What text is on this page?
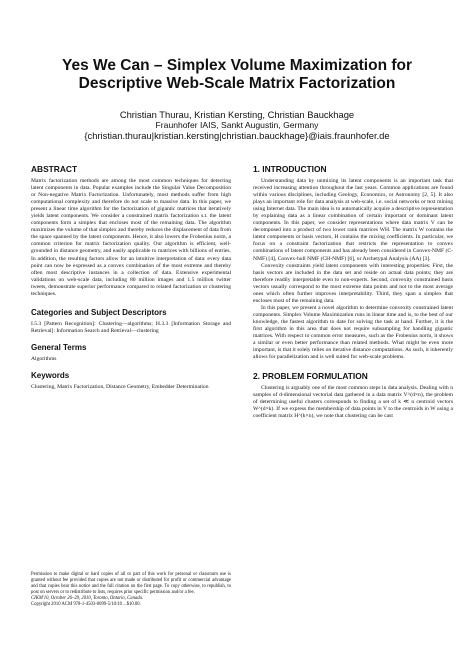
Yes We Can – Simplex Volume Maximization for
Descriptive Web-Scale Matrix Factorization
Christian Thurau, Kristian Kersting, Christian Bauckhage
Fraunhofer IAIS, Sankt Augustin, Germany
{christian.thurau|kristian.kersting|christian.bauckhage}@iais.fraunhofer.de
ABSTRACT

Matrix factorization methods are among the most common techniques for detecting latent components in data. Popular examples include the Singular Value Decomposition or Non-negative Matrix Factorization. Unfortunately, most methods suffer from high computational complexity and therefore do not scale to massive data. In this paper, we present a linear time algorithm for the factorization of gigantic matrices that iteratively yields latent components. We consider a constrained matrix factorization s.t. the latent components form a simplex that encloses most of the remaining data. The algorithm maximizes the volume of that simplex and thereby reduces the displacement of data from the space spanned by the latent components. Hence, it also lowers the Frobenius norm, a common criterion for matrix factorization quality. Our algorithm is efficient, well-grounded in distance geometry, and easily applicable to matrices with billions of entries. In addition, the resulting factors allow for an intuitive interpretation of data: every data point can now be expressed as a convex combination of the most extreme and thereby often most descriptive instances in a collection of data. Extensive experimental validations on web-scale data, including 80 million images and 1.5 million twitter tweets, demonstrate superior performance compared to related factorization or clustering techniques.

Categories and Subject Descriptors

I.5.3 [Pattern Recognition]: Clustering—algorithms; H.3.3 [Information Storage and Retrieval]: Information Search and Retrieval—clustering

General Terms

Algorithms

Keywords

Clustering, Matrix Factorization, Distance Geometry, Embedder Determination

Permission to make digital or hard copies of all or part of this work for personal or classroom use is granted without fee provided that copies are not made or distributed for profit or commercial advantage and that copies bear this notice and the full citation on the first page. To copy otherwise, to republish, to post on servers or to redistribute to lists, requires prior specific permission and/or a fee.

CIKM'10, October 26–29, 2010, Toronto, Ontario, Canada.

Copyright 2010 ACM 978-1-4503-0099-5/10/10 ...$10.00.

1. INTRODUCTION

Understanding data by unmixing its latent components is an important task that received increasing attention throughout the last years. Common applications are found within various disciplines, including Geology, Economics, or Astronomy [2, 5]. It also plays an important role for data analysis at web-scale, i.e. social networks or text mining using Internet data. The main idea is to automatically acquire a descriptive representation by explaining data as a linear combination of certain important or dominant latent components. In this paper, we consider representations where data matrix V can be decomposed into a product of two lower rank matrices WH. The matrix W contains the latent components or basis vectors, H contains the mixing coefficients. In particular, we focus on a constraint factorization that restricts the representation to convex combinations of latent components and has already been considered in Convex-NMF (C-NMF) [4], Convex-hull NMF (CH-NMF) [6], or Archetypal Analysis (AA) [3].

Convexity constraints yield latent components with interesting properties: First, the basis vectors are included in the data set and reside on actual data points; they are therefore readily interpretable even to non-experts. Second, convexity constrained basis vectors usually correspond to the most extreme data points and not to the most average ones which often further improves interpretability. Third, they span a simplex that encloses most of the remaining data.

In this paper, we present a novel algorithm to determine convexity constrained latent components. Simplex Volume Maximization runs in linear time and is, to the best of our knowledge, the fastest algorithm to date for solving the task at hand. Further, it is the first algorithm in this area that does not require subsampling for handling gigantic matrices. With respect to common error measures, such as the Frobenius norm, it shows a similar or even better performance than related methods. What might be even more important, is that it solely relies on iterative distance computations. As such, it inherently allows for parallelization and is well suited for web-scale problems.

2. PROBLEM FORMULATION

Clustering is arguably one of the most common steps in data analysis. Dealing with n samples of d-dimensional vectorial data gathered in a data matrix V^(d×n), the problem of determining useful clusters corresponds to finding a set of k ≪ n centroid vectors W^(d×k). If we express the membership of data points in V to the centroids in W using a coefficient matrix H^(k×n), we note that clustering can be cast
